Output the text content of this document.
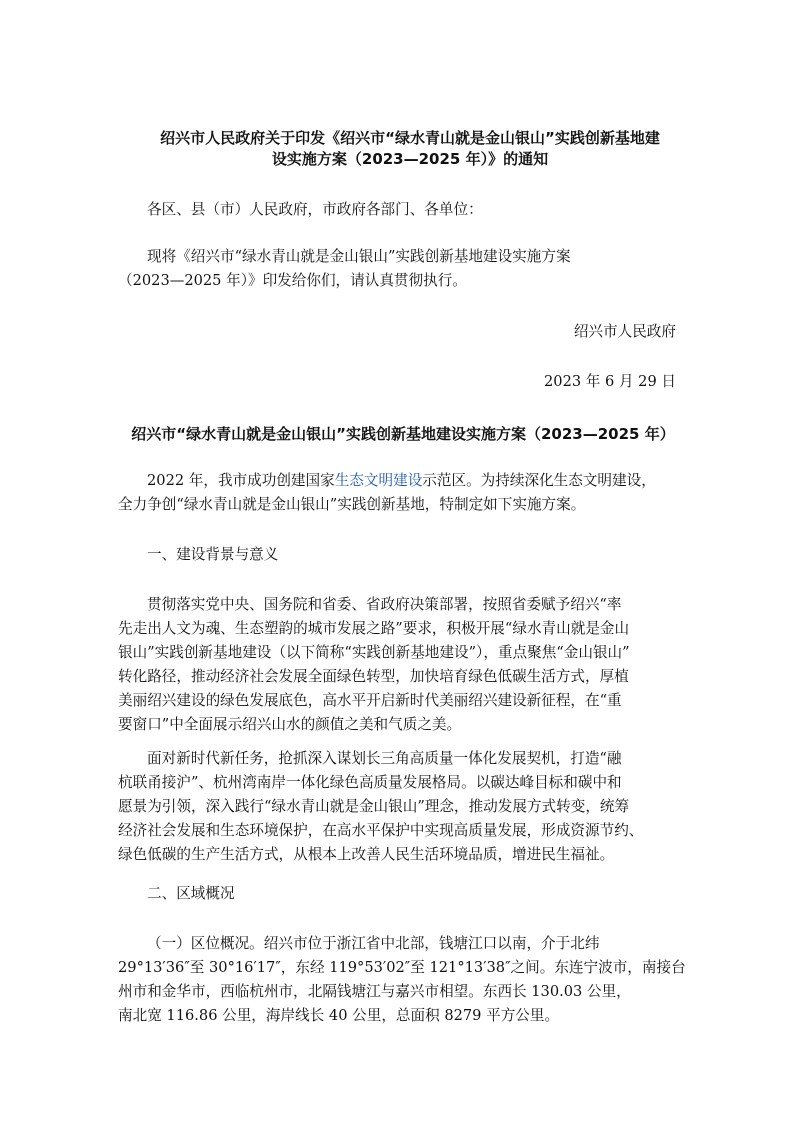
绍兴市人民政府关于印发《绍兴市“绿水青山就是金山银山”实践创新基地建
设实施方案（2023—2025 年）》的通知
各区、县（市）人民政府，市政府各部门、各单位：
现将《绍兴市“绿水青山就是金山银山”实践创新基地建设实施方案
（2023—2025 年）》印发给你们，请认真贯彻执行。
绍兴市人民政府
2023 年 6 月 29 日
绍兴市“绿水青山就是金山银山”实践创新基地建设实施方案（2023—2025 年）
2022 年，我市成功创建国家生态文明建设示范区。为持续深化生态文明建设，
全力争创“绿水青山就是金山银山”实践创新基地，特制定如下实施方案。
一、建设背景与意义
贯彻落实党中央、国务院和省委、省政府决策部署，按照省委赋予绍兴“率
先走出人文为魂、生态塑韵的城市发展之路”要求，积极开展“绿水青山就是金山
银山”实践创新基地建设（以下简称“实践创新基地建设”），重点聚焦“金山银山”
转化路径，推动经济社会发展全面绿色转型，加快培育绿色低碳生活方式，厚植
美丽绍兴建设的绿色发展底色，高水平开启新时代美丽绍兴建设新征程，在“重
要窗口”中全面展示绍兴山水的颜值之美和气质之美。
面对新时代新任务，抢抓深入谋划长三角高质量一体化发展契机，打造“融
杭联甬接沪”、杭州湾南岸一体化绿色高质量发展格局。以碳达峰目标和碳中和
愿景为引领，深入践行“绿水青山就是金山银山”理念，推动发展方式转变，统筹
经济社会发展和生态环境保护，在高水平保护中实现高质量发展，形成资源节约、
绿色低碳的生产生活方式，从根本上改善人民生活环境品质，增进民生福祉。
二、区域概况
（一）区位概况。绍兴市位于浙江省中北部，钱塘江口以南，介于北纬
29°13′36″至 30°16′17″，东经 119°53′02″至 121°13′38″之间。东连宁波市，南接台
州市和金华市，西临杭州市，北隔钱塘江与嘉兴市相望。东西长 130.03 公里，
南北宽 116.86 公里，海岸线长 40 公里，总面积 8279 平方公里。
